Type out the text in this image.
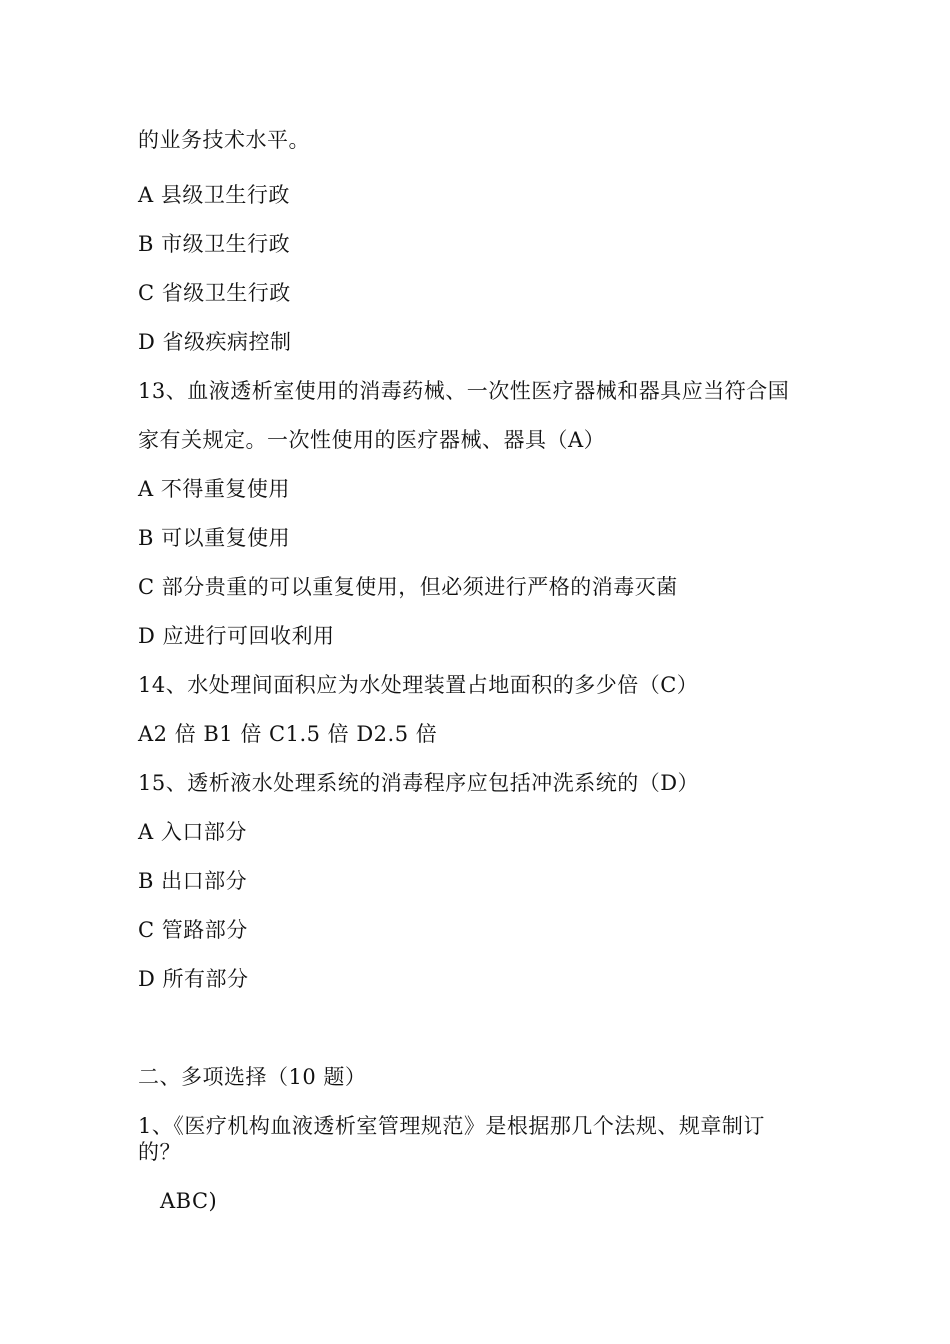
的业务技术水平。
A 县级卫生行政
B 市级卫生行政
C 省级卫生行政
D 省级疾病控制
13、血液透析室使用的消毒药械、一次性医疗器械和器具应当符合国
家有关规定。一次性使用的医疗器械、器具（A）
A 不得重复使用
B 可以重复使用
C 部分贵重的可以重复使用，但必须进行严格的消毒灭菌
D 应进行可回收利用
14、水处理间面积应为水处理装置占地面积的多少倍（C）
A2 倍 B1 倍 C1.5 倍 D2.5 倍
15、透析液水处理系统的消毒程序应包括冲洗系统的（D）
A 入口部分
B 出口部分
C 管路部分
D 所有部分
二、多项选择（10 题）
1、《医疗机构血液透析室管理规范》是根据那几个法规、规章制订
的？
ABC)
